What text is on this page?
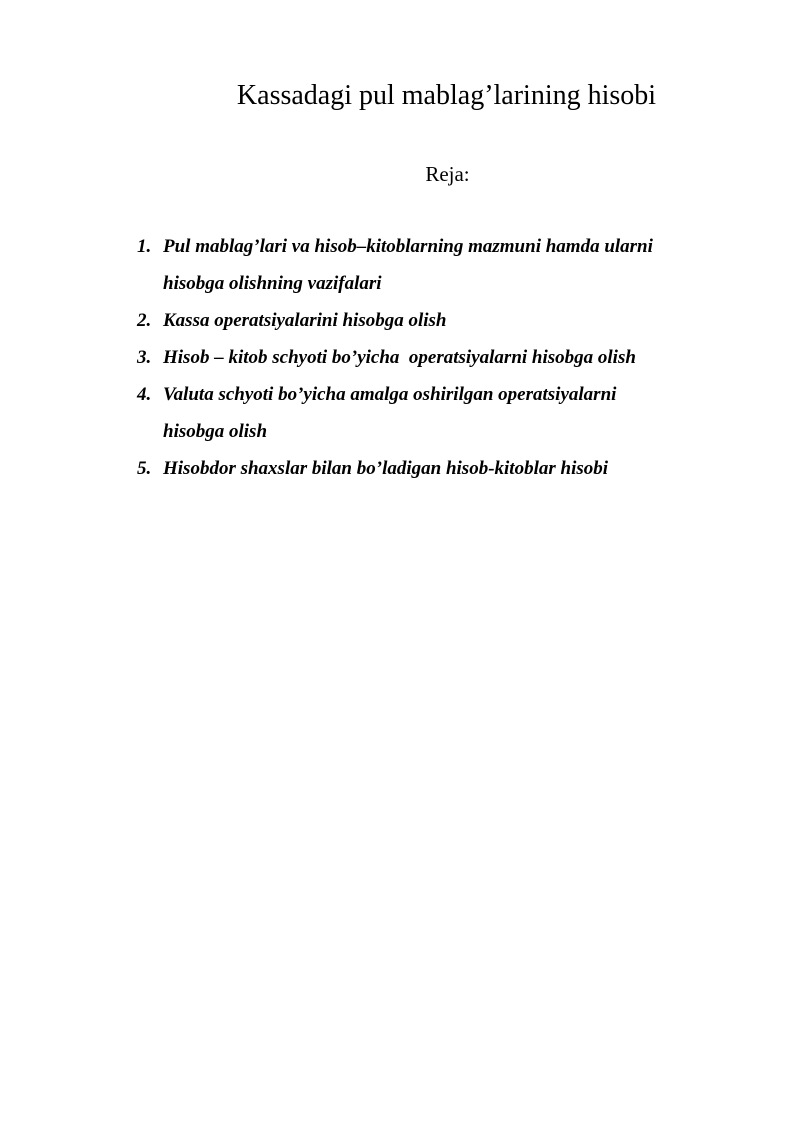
Kassadagi pul mablag’larining hisobi
Reja:
1. Pul mablag’lari va hisob–kitoblarning mazmuni hamda ularni
hisobga olishning vazifalari
2. Kassa operatsiyalarini hisobga olish
3. Hisob – kitob schyoti bo’yicha  operatsiyalarni hisobga olish
4. Valuta schyoti bo’yicha amalga oshirilgan operatsiyalarni
hisobga olish
5. Hisobdor shaxslar bilan bo’ladigan hisob-kitoblar hisobi
